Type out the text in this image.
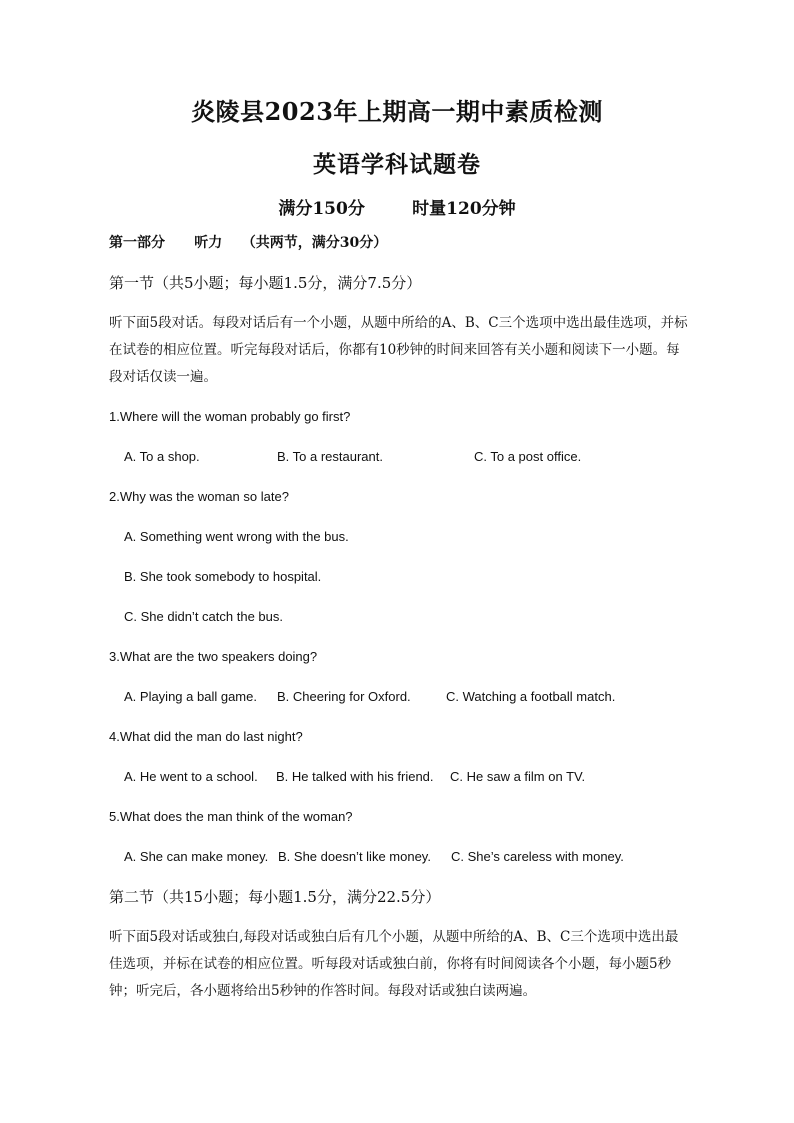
炎陵县2023年上期高一期中素质检测
英语学科试题卷
满分150分        时量120分钟
第一部分      听力    （共两节，满分30分）
第一节（共5小题；每小题1.5分，满分7.5分）
听下面5段对话。每段对话后有一个小题，从题中所给的A、B、C三个选项中选出最佳选项，并标在试卷的相应位置。听完每段对话后，你都有10秒钟的时间来回答有关小题和阅读下一小题。每段对话仅读一遍。
1.Where will the woman probably go first?
A. To a shop.	B. To a restaurant.	C. To a post office.
2.Why was the woman so late?
A. Something went wrong with the bus.
B. She took somebody to hospital.
C. She didn’t catch the bus.
3.What are the two speakers doing?
A. Playing a ball game. B. Cheering for Oxford.	C. Watching a football match.
4.What did the man do last night?
A. He went to a school. B. He talked with his friend. C. He saw a film on TV.
5.What does the man think of the woman?
A. She can make money. B. She doesn’t like money. C. She’s careless with money.
第二节（共15小题；每小题1.5分，满分22.5分）
听下面5段对话或独白,每段对话或独白后有几个小题，从题中所给的A、B、C三个选项中选出最佳选项，并标在试卷的相应位置。听每段对话或独白前，你将有时间阅读各个小题，每小题5秒钟；听完后，各小题将给出5秒钟的作答时间。每段对话或独白读两遍。
